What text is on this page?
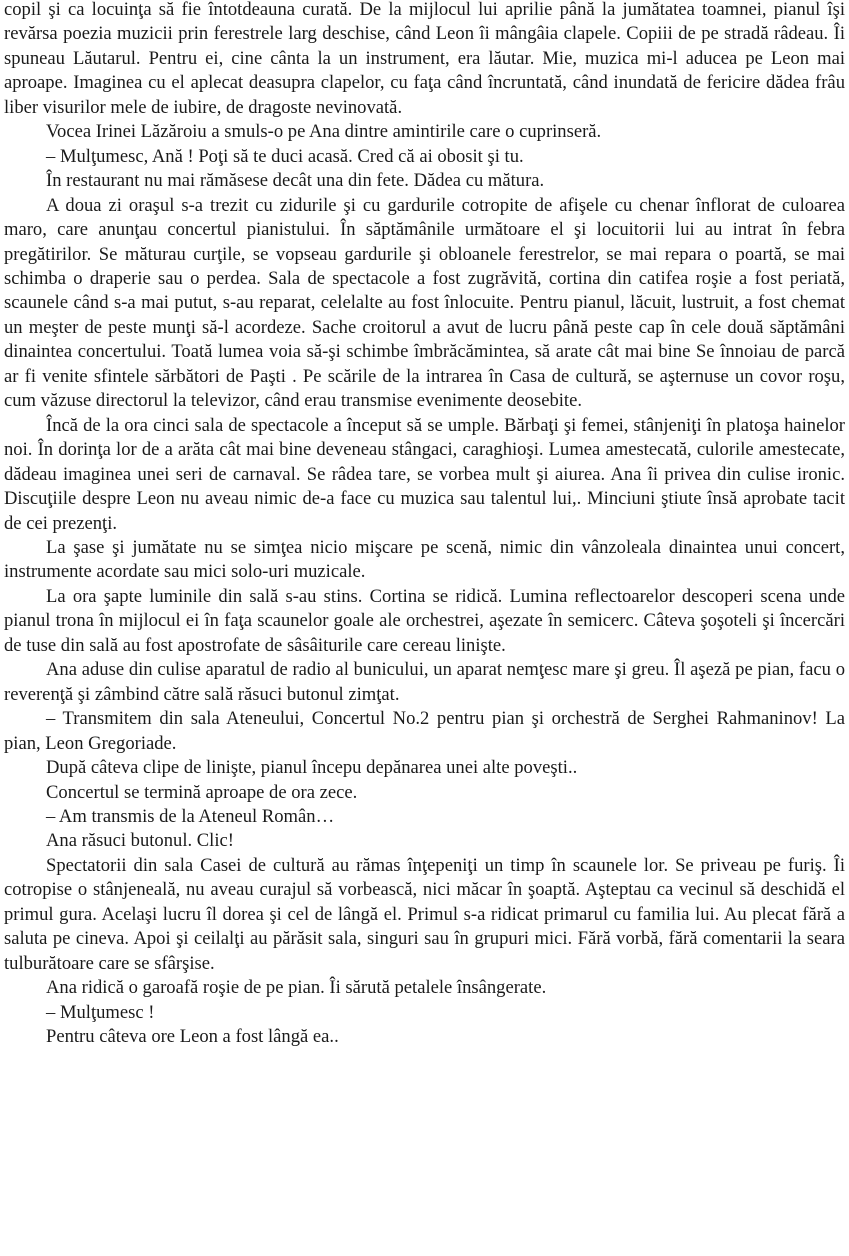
copil şi ca locuinţa să fie întotdeauna curată. De la mijlocul lui aprilie până la jumătatea toamnei, pianul îşi revărsa poezia muzicii prin ferestrele larg deschise, când Leon îi mângâia clapele. Copiii de pe stradă râdeau. Îi spuneau Lăutarul. Pentru ei, cine cânta la un instrument, era lăutar. Mie, muzica mi-l aducea pe Leon mai aproape. Imaginea cu el aplecat deasupra clapelor, cu faţa când încruntată, când inundată de fericire dădea frâu liber visurilor mele de iubire, de dragoste nevinovată.

Vocea Irinei Lăzăroiu a smuls-o pe Ana dintre amintirile care o cuprinseră.

– Mulţumesc, Ană ! Poţi să te duci acasă. Cred că ai obosit şi tu.

În restaurant nu mai rămăsese decât una din fete. Dădea cu mătura.

A doua zi oraşul s-a trezit cu zidurile şi cu gardurile cotropite de afişele cu chenar înflorat de culoarea maro, care anunţau concertul pianistului. În săptămânile următoare el şi locuitorii lui au intrat în febra pregătirilor. Se măturau curţile, se vopseau gardurile şi obloanele ferestrelor, se mai repara o poartă, se mai schimba o draperie sau o perdea. Sala de spectacole a fost zugrăvită, cortina din catifea roşie a fost periată, scaunele când s-a mai putut, s-au reparat, celelalte au fost înlocuite. Pentru pianul, lăcuit, lustruit, a fost chemat un meşter de peste munţi să-l acordeze. Sache croitorul a avut de lucru până peste cap în cele două săptămâni dinaintea concertului. Toată lumea voia să-şi schimbe îmbrăcămintea, să arate cât mai bine Se înnoiau de parcă ar fi venite sfintele sărbători de Paşti . Pe scările de la intrarea în Casa de cultură, se aşternuse un covor roşu, cum văzuse directorul la televizor, când erau transmise evenimente deosebite.

Încă de la ora cinci sala de spectacole a început să se umple. Bărbaţi şi femei, stânjeniţi în platoşa hainelor noi. În dorinţa lor de a arăta cât mai bine deveneau stângaci, caraghioşi. Lumea amestecată, culorile amestecate, dădeau imaginea unei seri de carnaval. Se râdea tare, se vorbea mult şi aiurea. Ana îi privea din culise ironic. Discuţiile despre Leon nu aveau nimic de-a face cu muzica sau talentul lui,. Minciuni ştiute însă aprobate tacit de cei prezenţi.

La şase şi jumătate nu se simţea nicio mişcare pe scenă, nimic din vânzoleala dinaintea unui concert, instrumente acordate sau mici solo-uri muzicale.

La ora şapte luminile din sală s-au stins. Cortina se ridică. Lumina reflectoarelor descoperi scena unde pianul trona în mijlocul ei în faţa scaunelor goale ale orchestrei, aşezate în semicerc. Câteva şoşoteli şi încercări de tuse din sală au fost apostrofate de sâsâiturile care cereau linişte.

Ana aduse din culise aparatul de radio al bunicului, un aparat nemţesc mare şi greu. Îl aşeză pe pian, facu o reverenţă şi zâmbind către sală răsuci butonul zimţat.

– Transmitem din sala Ateneului, Concertul No.2 pentru pian şi orchestră de Serghei Rahmaninov! La pian, Leon Gregoriade.

După câteva clipe de linişte, pianul începu depănarea unei alte poveşti..

Concertul se termină aproape de ora zece.

– Am transmis de la Ateneul Român…

Ana răsuci butonul. Clic!

Spectatorii din sala Casei de cultură au rămas înţepeniţi un timp în scaunele lor. Se priveau pe furiş. Îi cotropise o stânjeneală, nu aveau curajul să vorbească, nici măcar în şoaptă. Aşteptau ca vecinul să deschidă el primul gura. Acelaşi lucru îl dorea şi cel de lângă el. Primul s-a ridicat primarul cu familia lui. Au plecat fără a saluta pe cineva. Apoi şi ceilalţi au părăsit sala, singuri sau în grupuri mici. Fără vorbă, fără comentarii la seara tulburătoare care se sfârşise.

Ana ridică o garoafă roşie de pe pian. Îi sărută petalele însângerate.

– Mulţumesc !

Pentru câteva ore Leon a fost lângă ea..
